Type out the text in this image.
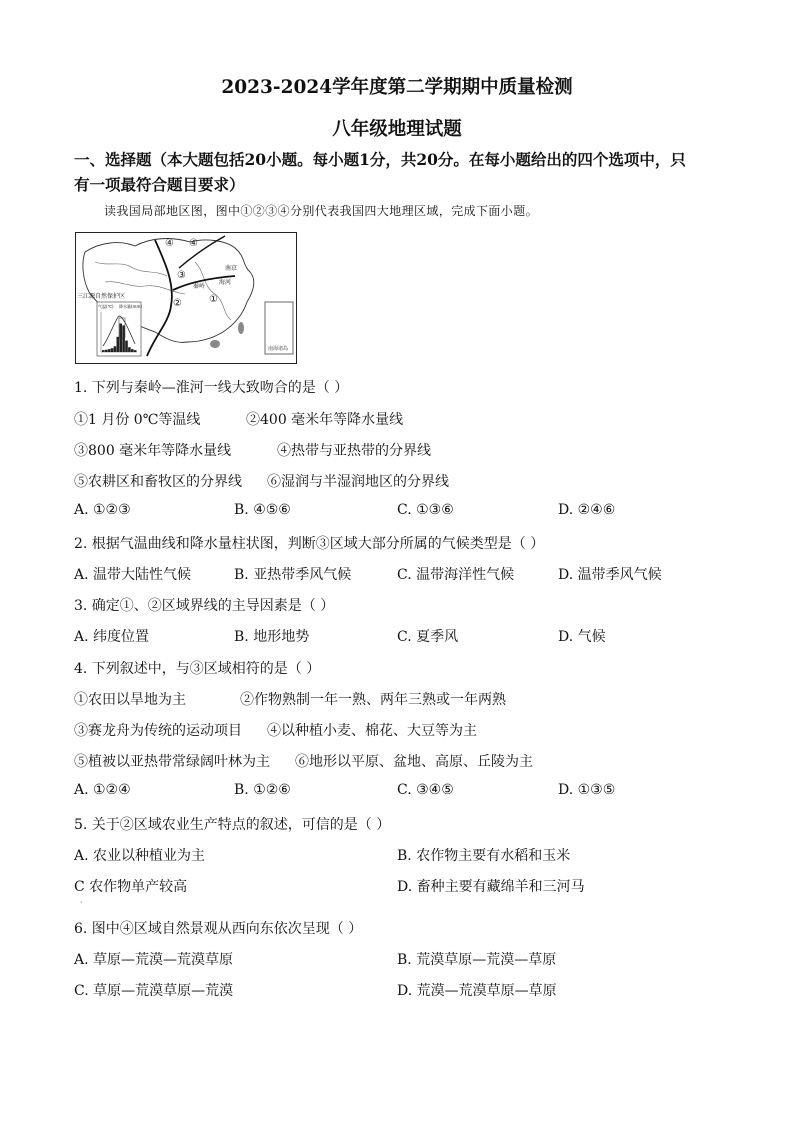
2023-2024学年度第二学期期中质量检测
八年级地理试题
一、选择题（本大题包括20小题。每小题1分，共20分。在每小题给出的四个选项中，只
有一项最符合题目要求）
读我国局部地区图，图中①②③④分别代表我国四大地理区域，完成下面小题。
南海诸岛
④ ④
③
②	①
三江源自然保护区
秦岭
南京
海河
气温(℃) 降水量(mm)
1. 下列与秦岭—淮河一线大致吻合的是（ ）
①1 月份 0℃等温线	②400 毫米年等降水量线
③800 毫米年等降水量线	④热带与亚热带的分界线
⑤农耕区和畜牧区的分界线 ⑥湿润与半湿润地区的分界线
A. ①②③	B. ④⑤⑥	C. ①③⑥	D. ②④⑥
2. 根据气温曲线和降水量柱状图，判断③区域大部分所属的气候类型是（ ）
A. 温带大陆性气候	B. 亚热带季风气候	C. 温带海洋性气候	D. 温带季风气候
3. 确定①、②区域界线的主导因素是（ ）
A. 纬度位置	B. 地形地势	C. 夏季风	D. 气候
4. 下列叙述中，与③区域相符的是（ ）
①农田以旱地为主	②作物熟制一年一熟、两年三熟或一年两熟
③赛龙舟为传统的运动项目 ④以种植小麦、棉花、大豆等为主
⑤植被以亚热带常绿阔叶林为主 ⑥地形以平原、盆地、高原、丘陵为主
A. ①②④	B. ①②⑥	C. ③④⑤	D. ①③⑤
5. 关于②区域农业生产特点的叙述，可信的是（ ）
A. 农业以种植业为主	B. 农作物主要有水稻和玉米
C 农作物单产较高	D. 畜种主要有藏绵羊和三河马
·
6. 图中④区域自然景观从西向东依次呈现（ ）
A. 草原—荒漠—荒漠草原	B. 荒漠草原—荒漠—草原
C. 草原—荒漠草原—荒漠	D. 荒漠—荒漠草原—草原
